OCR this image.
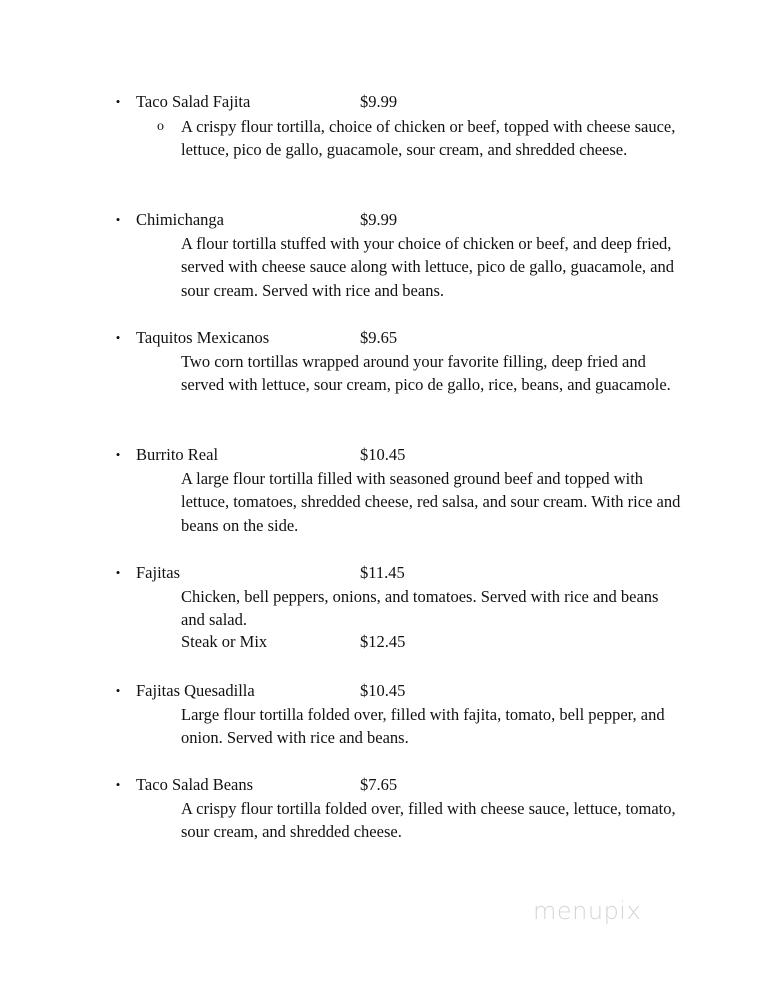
• Taco Salad Fajita	$9.99
o A crispy flour tortilla, choice of chicken or beef, topped with cheese sauce, lettuce, pico de gallo, guacamole, sour cream, and shredded cheese.
• Chimichanga	$9.99
A flour tortilla stuffed with your choice of chicken or beef, and deep fried, served with cheese sauce along with lettuce, pico de gallo, guacamole, and sour cream. Served with rice and beans.
• Taquitos Mexicanos	$9.65
Two corn tortillas wrapped around your favorite filling, deep fried and served with lettuce, sour cream, pico de gallo, rice, beans, and guacamole.
• Burrito Real	$10.45
A large flour tortilla filled with seasoned ground beef and topped with lettuce, tomatoes, shredded cheese, red salsa, and sour cream. With rice and beans on the side.
• Fajitas	$11.45
Chicken, bell peppers, onions, and tomatoes. Served with rice and beans and salad.
Steak or Mix	$12.45
• Fajitas Quesadilla	$10.45
Large flour tortilla folded over, filled with fajita, tomato, bell pepper, and onion. Served with rice and beans.
• Taco Salad Beans	$7.65
A crispy flour tortilla folded over, filled with cheese sauce, lettuce, tomato, sour cream, and shredded cheese.
menupix
